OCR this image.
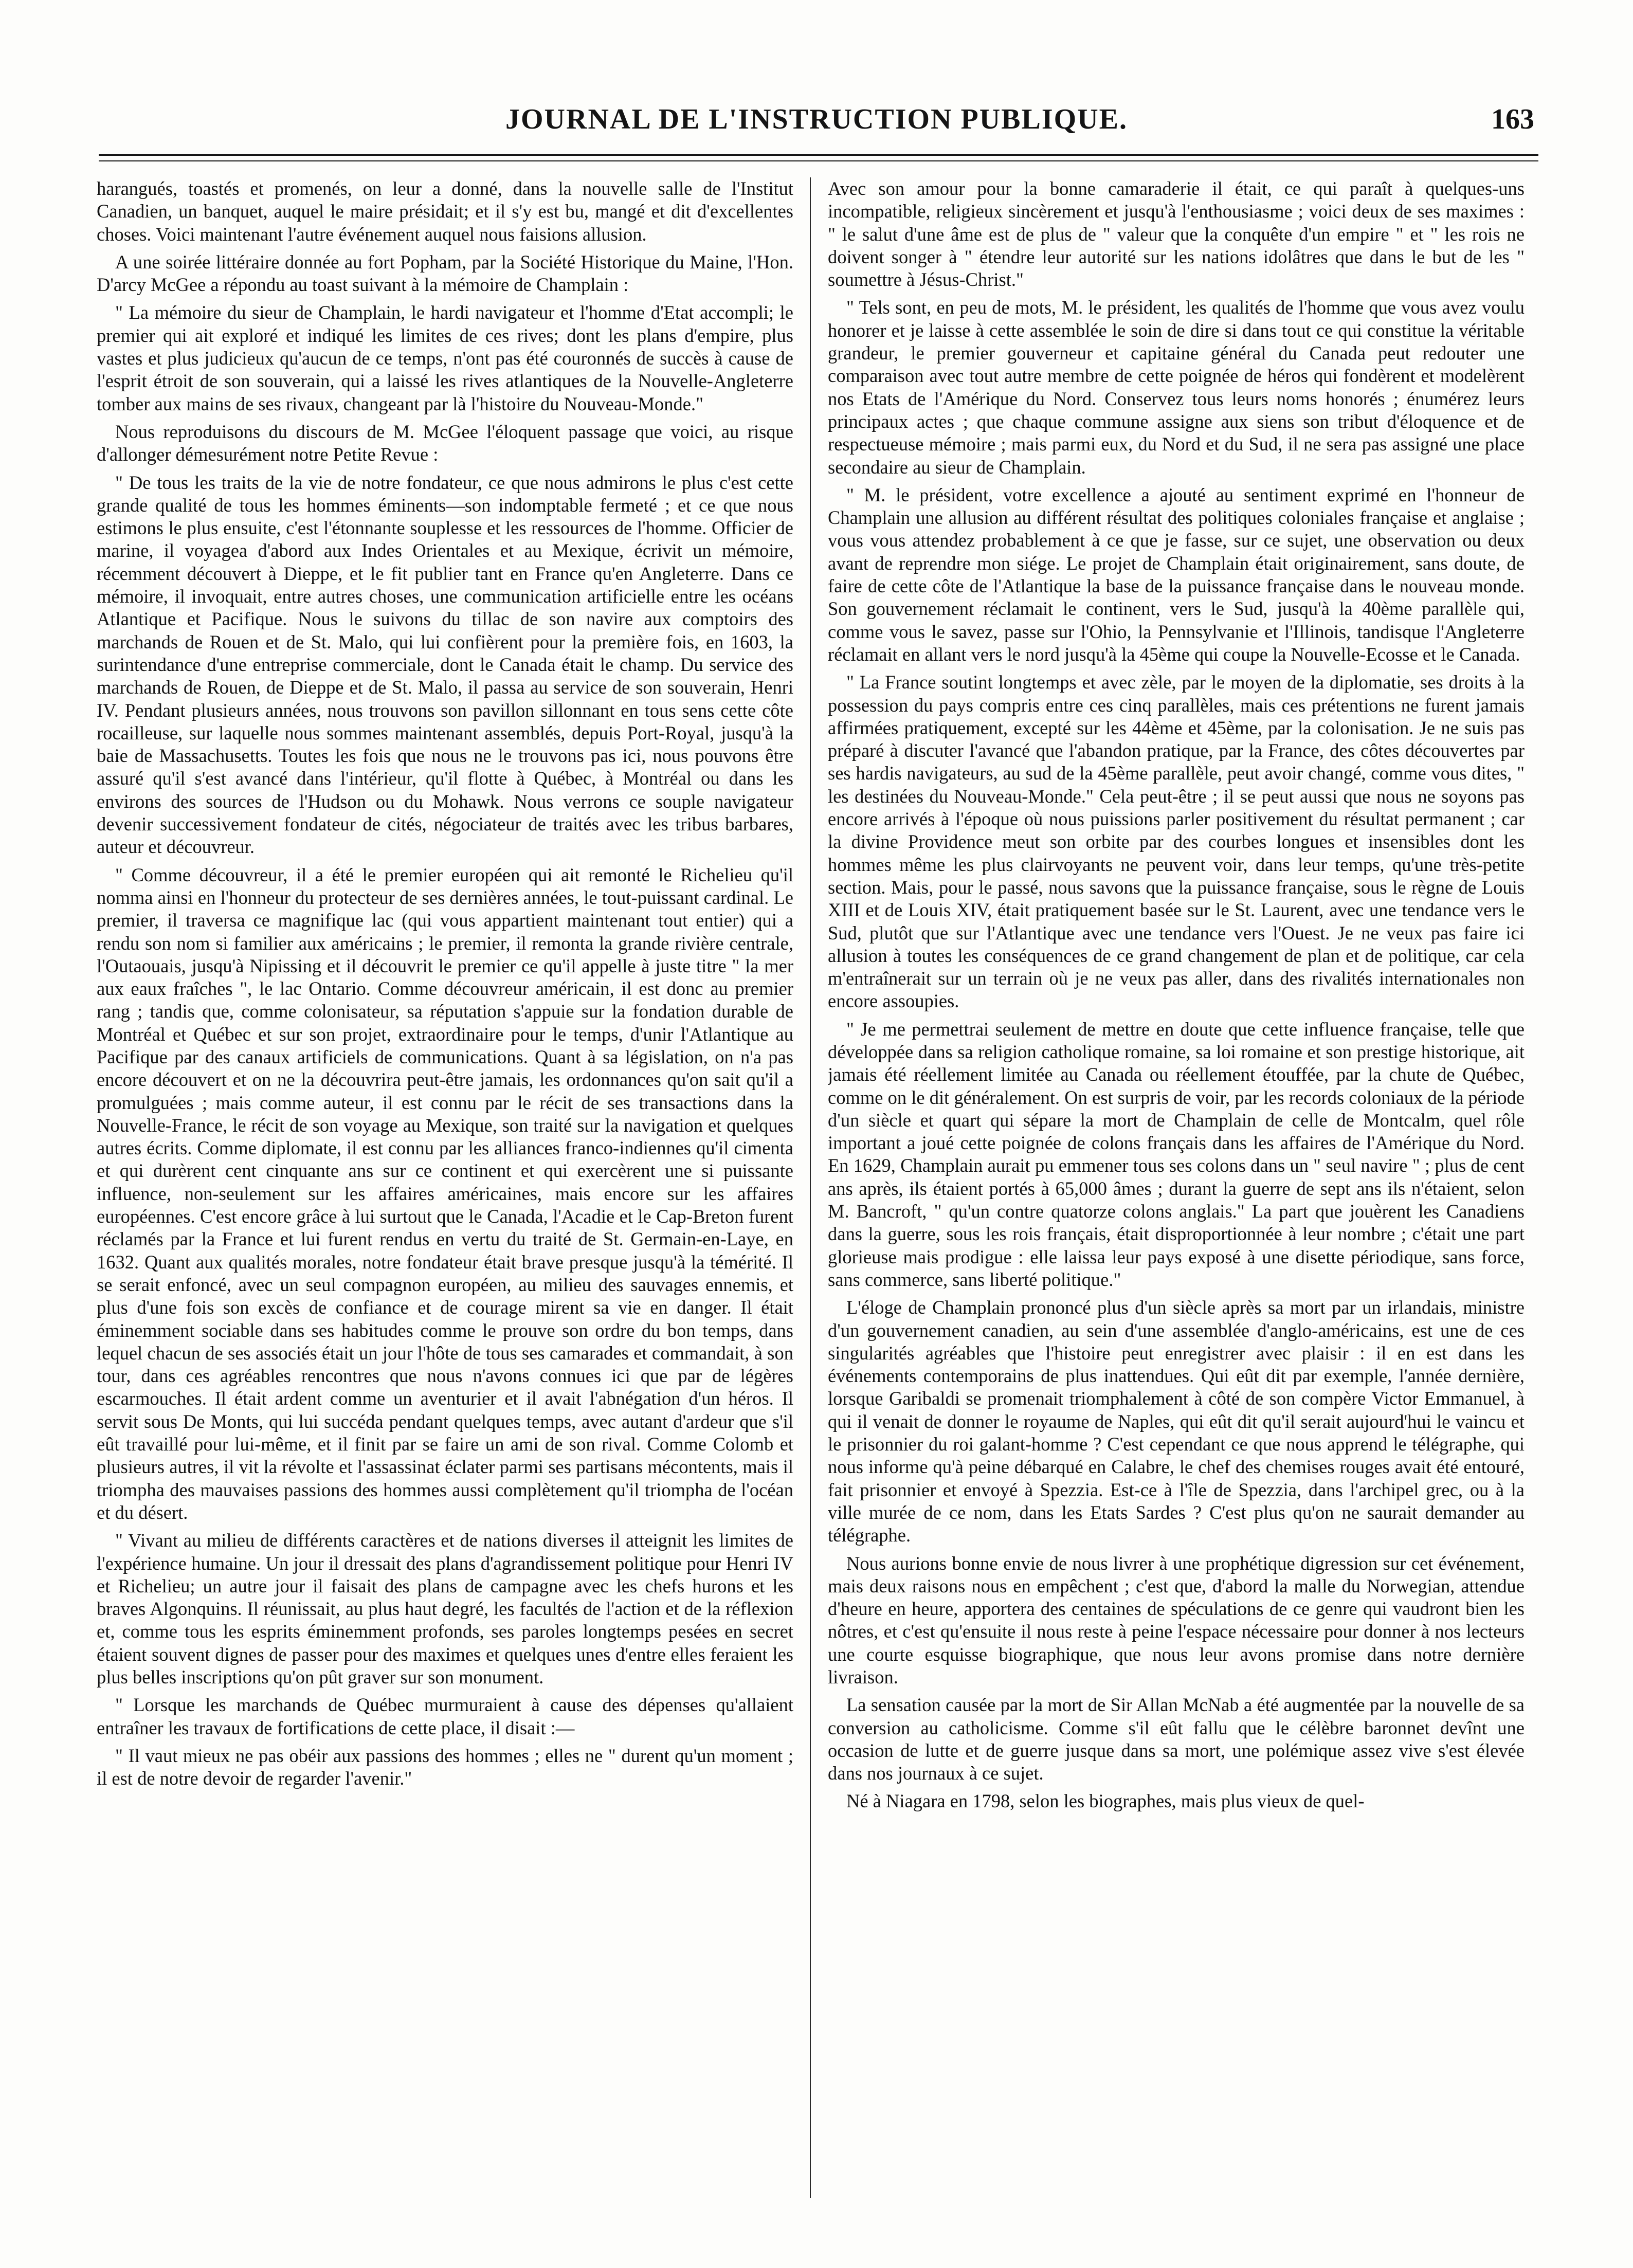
JOURNAL DE L'INSTRUCTION PUBLIQUE.	163

harangués, toastés et promenés, on leur a donné, dans la nouvelle salle de l'Institut Canadien, un banquet, auquel le maire présidait; et il s'y est bu, mangé et dit d'excellentes choses. Voici maintenant l'autre événement auquel nous faisions allusion.

A une soirée littéraire donnée au fort Popham, par la Société Historique du Maine, l'Hon. D'arcy McGee a répondu au toast suivant à la mémoire de Champlain :

" La mémoire du sieur de Champlain, le hardi navigateur et l'homme d'Etat accompli; le premier qui ait exploré et indiqué les limites de ces rives; dont les plans d'empire, plus vastes et plus judicieux qu'aucun de ce temps, n'ont pas été couronnés de succès à cause de l'esprit étroit de son souverain, qui a laissé les rives atlantiques de la Nouvelle-Angleterre tomber aux mains de ses rivaux, changeant par là l'histoire du Nouveau-Monde."

Nous reproduisons du discours de M. McGee l'éloquent passage que voici, au risque d'allonger démesurément notre Petite Revue :

" De tous les traits de la vie de notre fondateur, ce que nous admirons le plus c'est cette grande qualité de tous les hommes éminents—son indomptable fermeté ; et ce que nous estimons le plus ensuite, c'est l'étonnante souplesse et les ressources de l'homme. Officier de marine, il voyagea d'abord aux Indes Orientales et au Mexique, écrivit un mémoire, récemment découvert à Dieppe, et le fit publier tant en France qu'en Angleterre. Dans ce mémoire, il invoquait, entre autres choses, une communication artificielle entre les océans Atlantique et Pacifique. Nous le suivons du tillac de son navire aux comptoirs des marchands de Rouen et de St. Malo, qui lui confièrent pour la première fois, en 1603, la surintendance d'une entreprise commerciale, dont le Canada était le champ. Du service des marchands de Rouen, de Dieppe et de St. Malo, il passa au service de son souverain, Henri IV. Pendant plusieurs années, nous trouvons son pavillon sillonnant en tous sens cette côte rocailleuse, sur laquelle nous sommes maintenant assemblés, depuis Port-Royal, jusqu'à la baie de Massachusetts. Toutes les fois que nous ne le trouvons pas ici, nous pouvons être assuré qu'il s'est avancé dans l'intérieur, qu'il flotte à Québec, à Montréal ou dans les environs des sources de l'Hudson ou du Mohawk. Nous verrons ce souple navigateur devenir successivement fondateur de cités, négociateur de traités avec les tribus barbares, auteur et découvreur.

" Comme découvreur, il a été le premier européen qui ait remonté le Richelieu qu'il nomma ainsi en l'honneur du protecteur de ses dernières années, le tout-puissant cardinal. Le premier, il traversa ce magnifique lac (qui vous appartient maintenant tout entier) qui a rendu son nom si familier aux américains ; le premier, il remonta la grande rivière centrale, l'Outaouais, jusqu'à Nipissing et il découvrit le premier ce qu'il appelle à juste titre " la mer aux eaux fraîches ", le lac Ontario. Comme découvreur américain, il est donc au premier rang ; tandis que, comme colonisateur, sa réputation s'appuie sur la fondation durable de Montréal et Québec et sur son projet, extraordinaire pour le temps, d'unir l'Atlantique au Pacifique par des canaux artificiels de communications. Quant à sa législation, on n'a pas encore découvert et on ne la découvrira peut-être jamais, les ordonnances qu'on sait qu'il a promulguées ; mais comme auteur, il est connu par le récit de ses transactions dans la Nouvelle-France, le récit de son voyage au Mexique, son traité sur la navigation et quelques autres écrits. Comme diplomate, il est connu par les alliances franco-indiennes qu'il cimenta et qui durèrent cent cinquante ans sur ce continent et qui exercèrent une si puissante influence, non-seulement sur les affaires américaines, mais encore sur les affaires européennes. C'est encore grâce à lui surtout que le Canada, l'Acadie et le Cap-Breton furent réclamés par la France et lui furent rendus en vertu du traité de St. Germain-en-Laye, en 1632. Quant aux qualités morales, notre fondateur était brave presque jusqu'à la témérité. Il se serait enfoncé, avec un seul compagnon européen, au milieu des sauvages ennemis, et plus d'une fois son excès de confiance et de courage mirent sa vie en danger. Il était éminemment sociable dans ses habitudes comme le prouve son ordre du bon temps, dans lequel chacun de ses associés était un jour l'hôte de tous ses camarades et commandait, à son tour, dans ces agréables rencontres que nous n'avons connues ici que par de légères escarmouches. Il était ardent comme un aventurier et il avait l'abnégation d'un héros. Il servit sous De Monts, qui lui succéda pendant quelques temps, avec autant d'ardeur que s'il eût travaillé pour lui-même, et il finit par se faire un ami de son rival. Comme Colomb et plusieurs autres, il vit la révolte et l'assassinat éclater parmi ses partisans mécontents, mais il triompha des mauvaises passions des hommes aussi complètement qu'il triompha de l'océan et du désert.

" Vivant au milieu de différents caractères et de nations diverses il atteignit les limites de l'expérience humaine. Un jour il dressait des plans d'agrandissement politique pour Henri IV et Richelieu; un autre jour il faisait des plans de campagne avec les chefs hurons et les braves Algonquins. Il réunissait, au plus haut degré, les facultés de l'action et de la réflexion et, comme tous les esprits éminemment profonds, ses paroles longtemps pesées en secret étaient souvent dignes de passer pour des maximes et quelques unes d'entre elles feraient les plus belles inscriptions qu'on pût graver sur son monument.

" Lorsque les marchands de Québec murmuraient à cause des dépenses qu'allaient entraîner les travaux de fortifications de cette place, il disait :—

" Il vaut mieux ne pas obéir aux passions des hommes ; elles ne " durent qu'un moment ; il est de notre devoir de regarder l'avenir."

Avec son amour pour la bonne camaraderie il était, ce qui paraît à quelques-uns incompatible, religieux sincèrement et jusqu'à l'enthousiasme ; voici deux de ses maximes : " le salut d'une âme est de plus de " valeur que la conquête d'un empire " et " les rois ne doivent songer à " étendre leur autorité sur les nations idolâtres que dans le but de les " soumettre à Jésus-Christ."

" Tels sont, en peu de mots, M. le président, les qualités de l'homme que vous avez voulu honorer et je laisse à cette assemblée le soin de dire si dans tout ce qui constitue la véritable grandeur, le premier gouverneur et capitaine général du Canada peut redouter une comparaison avec tout autre membre de cette poignée de héros qui fondèrent et modelèrent nos Etats de l'Amérique du Nord. Conservez tous leurs noms honorés ; énumérez leurs principaux actes ; que chaque commune assigne aux siens son tribut d'éloquence et de respectueuse mémoire ; mais parmi eux, du Nord et du Sud, il ne sera pas assigné une place secondaire au sieur de Champlain.

" M. le président, votre excellence a ajouté au sentiment exprimé en l'honneur de Champlain une allusion au différent résultat des politiques coloniales française et anglaise ; vous vous attendez probablement à ce que je fasse, sur ce sujet, une observation ou deux avant de reprendre mon siége. Le projet de Champlain était originairement, sans doute, de faire de cette côte de l'Atlantique la base de la puissance française dans le nouveau monde. Son gouvernement réclamait le continent, vers le Sud, jusqu'à la 40ème parallèle qui, comme vous le savez, passe sur l'Ohio, la Pennsylvanie et l'Illinois, tandisque l'Angleterre réclamait en allant vers le nord jusqu'à la 45ème qui coupe la Nouvelle-Ecosse et le Canada.

" La France soutint longtemps et avec zèle, par le moyen de la diplomatie, ses droits à la possession du pays compris entre ces cinq parallèles, mais ces prétentions ne furent jamais affirmées pratiquement, excepté sur les 44ème et 45ème, par la colonisation. Je ne suis pas préparé à discuter l'avancé que l'abandon pratique, par la France, des côtes découvertes par ses hardis navigateurs, au sud de la 45ème parallèle, peut avoir changé, comme vous dites, " les destinées du Nouveau-Monde." Cela peut-être ; il se peut aussi que nous ne soyons pas encore arrivés à l'époque où nous puissions parler positivement du résultat permanent ; car la divine Providence meut son orbite par des courbes longues et insensibles dont les hommes même les plus clairvoyants ne peuvent voir, dans leur temps, qu'une très-petite section. Mais, pour le passé, nous savons que la puissance française, sous le règne de Louis XIII et de Louis XIV, était pratiquement basée sur le St. Laurent, avec une tendance vers le Sud, plutôt que sur l'Atlantique avec une tendance vers l'Ouest. Je ne veux pas faire ici allusion à toutes les conséquences de ce grand changement de plan et de politique, car cela m'entraînerait sur un terrain où je ne veux pas aller, dans des rivalités internationales non encore assoupies.

" Je me permettrai seulement de mettre en doute que cette influence française, telle que développée dans sa religion catholique romaine, sa loi romaine et son prestige historique, ait jamais été réellement limitée au Canada ou réellement étouffée, par la chute de Québec, comme on le dit généralement. On est surpris de voir, par les records coloniaux de la période d'un siècle et quart qui sépare la mort de Champlain de celle de Montcalm, quel rôle important a joué cette poignée de colons français dans les affaires de l'Amérique du Nord. En 1629, Champlain aurait pu emmener tous ses colons dans un " seul navire " ; plus de cent ans après, ils étaient portés à 65,000 âmes ; durant la guerre de sept ans ils n'étaient, selon M. Bancroft, " qu'un contre quatorze colons anglais." La part que jouèrent les Canadiens dans la guerre, sous les rois français, était disproportionnée à leur nombre ; c'était une part glorieuse mais prodigue : elle laissa leur pays exposé à une disette périodique, sans force, sans commerce, sans liberté politique."

L'éloge de Champlain prononcé plus d'un siècle après sa mort par un irlandais, ministre d'un gouvernement canadien, au sein d'une assemblée d'anglo-américains, est une de ces singularités agréables que l'histoire peut enregistrer avec plaisir : il en est dans les événements contemporains de plus inattendues. Qui eût dit par exemple, l'année dernière, lorsque Garibaldi se promenait triomphalement à côté de son compère Victor Emmanuel, à qui il venait de donner le royaume de Naples, qui eût dit qu'il serait aujourd'hui le vaincu et le prisonnier du roi galant-homme ? C'est cependant ce que nous apprend le télégraphe, qui nous informe qu'à peine débarqué en Calabre, le chef des chemises rouges avait été entouré, fait prisonnier et envoyé à Spezzia. Est-ce à l'île de Spezzia, dans l'archipel grec, ou à la ville murée de ce nom, dans les Etats Sardes ? C'est plus qu'on ne saurait demander au télégraphe.

Nous aurions bonne envie de nous livrer à une prophétique digression sur cet événement, mais deux raisons nous en empêchent ; c'est que, d'abord la malle du Norwegian, attendue d'heure en heure, apportera des centaines de spéculations de ce genre qui vaudront bien les nôtres, et c'est qu'ensuite il nous reste à peine l'espace nécessaire pour donner à nos lecteurs une courte esquisse biographique, que nous leur avons promise dans notre dernière livraison.

La sensation causée par la mort de Sir Allan McNab a été augmentée par la nouvelle de sa conversion au catholicisme. Comme s'il eût fallu que le célèbre baronnet devînt une occasion de lutte et de guerre jusque dans sa mort, une polémique assez vive s'est élevée dans nos journaux à ce sujet.

Né à Niagara en 1798, selon les biographes, mais plus vieux de quel-
